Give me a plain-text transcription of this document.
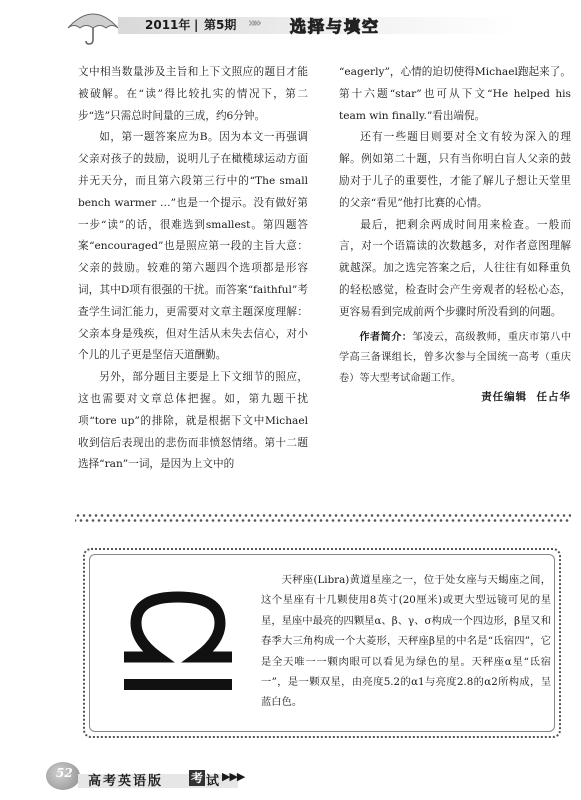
2011年 | 第5期 »» 选择与填空

文中相当数量涉及主旨和上下文照应的题目才能被破解。在“读”得比较扎实的情况下，第二步“选”只需总时间量的三成，约6分钟。

如，第一题答案应为B。因为本文一再强调父亲对孩子的鼓励，说明儿子在橄榄球运动方面并无天分，而且第六段第三行中的“The small bench warmer …”也是一个提示。没有做好第一步“读”的话，很难选到smallest。第四题答案“encouraged”也是照应第一段的主旨大意：父亲的鼓励。较难的第六题四个选项都是形容词，其中D项有很强的干扰。而答案“faithful”考查学生词汇能力，更需要对文章主题深度理解：父亲本身是残疾，但对生活从未失去信心，对小个儿的儿子更是坚信天道酬勤。

另外，部分题目主要是上下文细节的照应，这也需要对文章总体把握。如，第九题干扰项“tore up”的排除，就是根据下文中Michael收到信后表现出的悲伤而非愤怒情绪。第十二题选择“ran”一词，是因为上文中的

“eagerly”，心情的迫切使得Michael跑起来了。第十六题“star”也可从下文“He helped his team win finally.”看出端倪。

还有一些题目则要对全文有较为深入的理解。例如第二十题，只有当你明白盲人父亲的鼓励对于儿子的重要性，才能了解儿子想让天堂里的父亲“看见”他打比赛的心情。

最后，把剩余两成时间用来检查。一般而言，对一个语篇读的次数越多，对作者意图理解就越深。加之选完答案之后，人往往有如释重负的轻松感觉，检查时会产生旁观者的轻松心态，更容易看到完成前两个步骤时所没看到的问题。

作者简介：邹凌云，高级教师，重庆市第八中学高三备课组长，曾多次参与全国统一高考（重庆卷）等大型考试命题工作。

责任编辑 任占华

天秤座(Libra)黄道星座之一，位于处女座与天蝎座之间，这个星座有十几颗使用8英寸(20厘米)或更大型远镜可见的星星，星座中最亮的四颗星α、β、γ、σ构成一个四边形，β星又和春季大三角构成一个大菱形，天秤座β星的中名是“氐宿四”，它是全天唯一一颗肉眼可以看见为绿色的星。天秤座α星“氐宿一”，是一颗双星，由亮度5.2的α1与亮度2.8的α2所构成，呈蓝白色。
52
高考英语版 考 试 ▶▶▶
